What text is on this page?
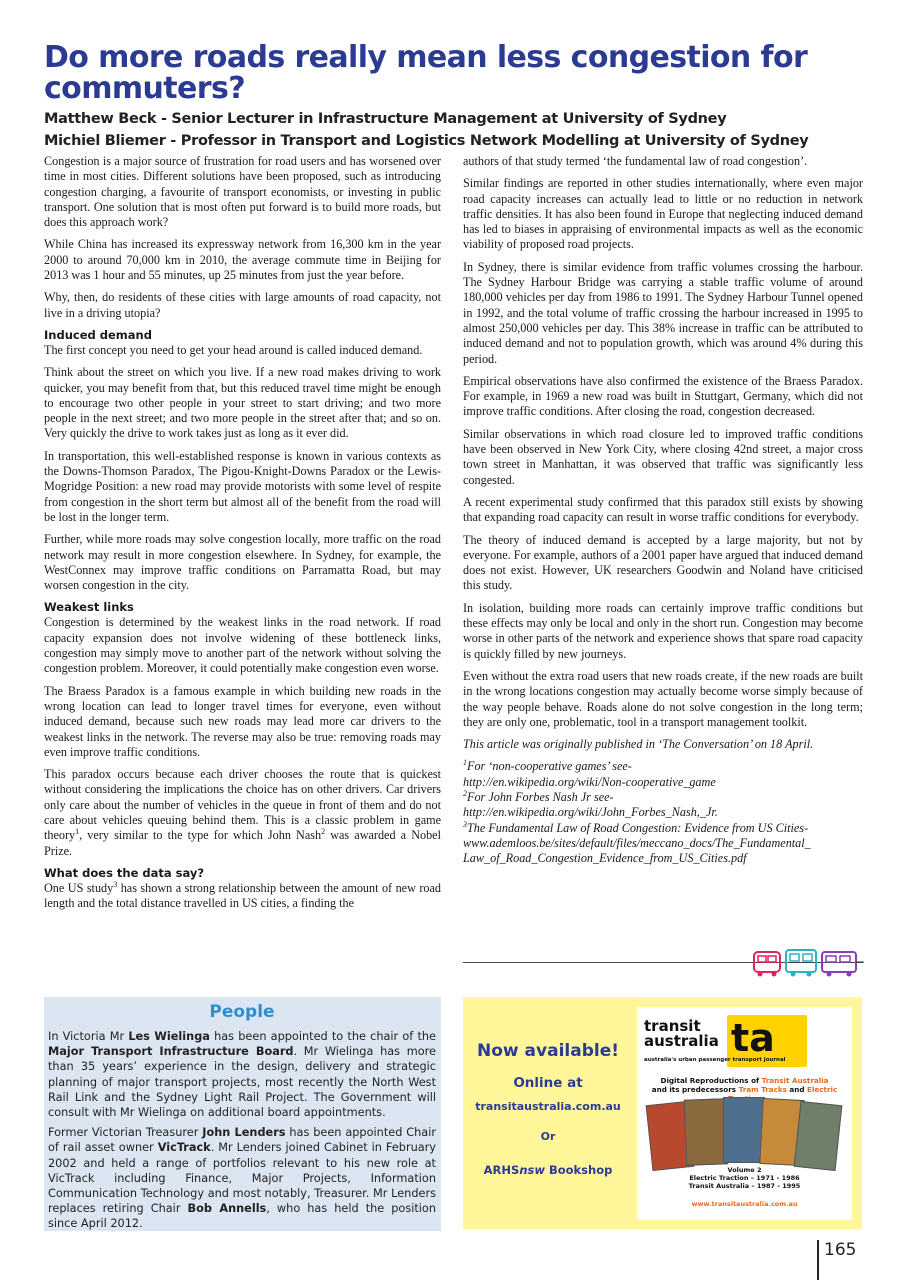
Do more roads really mean less congestion for commuters?

Matthew Beck - Senior Lecturer in Infrastructure Management at University of Sydney

Michiel Bliemer - Professor in Transport and Logistics Network Modelling at University of Sydney

Congestion is a major source of frustration for road users and has worsened over time in most cities. Different solutions have been proposed, such as introducing congestion charging, a favourite of transport economists, or investing in public transport. One solution that is most often put forward is to build more roads, but does this approach work?

While China has increased its expressway network from 16,300 km in the year 2000 to around 70,000 km in 2010, the average commute time in Beijing for 2013 was 1 hour and 55 minutes, up 25 minutes from just the year before.

Why, then, do residents of these cities with large amounts of road capacity, not live in a driving utopia?

Induced demand

The first concept you need to get your head around is called induced demand.

Think about the street on which you live. If a new road makes driving to work quicker, you may benefit from that, but this reduced travel time might be enough to encourage two other people in your street to start driving; and two more people in the next street; and two more people in the street after that; and so on. Very quickly the drive to work takes just as long as it ever did.

In transportation, this well-established response is known in various contexts as the Downs-Thomson Paradox, The Pigou-Knight-Downs Paradox or the Lewis-Mogridge Position: a new road may provide motorists with some level of respite from congestion in the short term but almost all of the benefit from the road will be lost in the longer term.

Further, while more roads may solve congestion locally, more traffic on the road network may result in more congestion elsewhere. In Sydney, for example, the WestConnex may improve traffic conditions on Parramatta Road, but may worsen congestion in the city.

Weakest links

Congestion is determined by the weakest links in the road network. If road capacity expansion does not involve widening of these bottleneck links, congestion may simply move to another part of the network without solving the congestion problem. Moreover, it could potentially make congestion even worse.

The Braess Paradox is a famous example in which building new roads in the wrong location can lead to longer travel times for everyone, even without induced demand, because such new roads may lead more car drivers to the weakest links in the network. The reverse may also be true: removing roads may even improve traffic conditions.

This paradox occurs because each driver chooses the route that is quickest without considering the implications the choice has on other drivers. Car drivers only care about the number of vehicles in the queue in front of them and do not care about vehicles queuing behind them. This is a classic problem in game theory$^1$, very similar to the type for which John Nash$^2$ was awarded a Nobel Prize.

What does the data say?

One US study$^3$ has shown a strong relationship between the amount of new road length and the total distance travelled in US cities, a finding the

authors of that study termed ‘the fundamental law of road congestion’.

Similar findings are reported in other studies internationally, where even major road capacity increases can actually lead to little or no reduction in network traffic densities. It has also been found in Europe that neglecting induced demand has led to biases in appraising of environmental impacts as well as the economic viability of proposed road projects.

In Sydney, there is similar evidence from traffic volumes crossing the harbour. The Sydney Harbour Bridge was carrying a stable traffic volume of around 180,000 vehicles per day from 1986 to 1991. The Sydney Harbour Tunnel opened in 1992, and the total volume of traffic crossing the harbour increased in 1995 to almost 250,000 vehicles per day. This 38% increase in traffic can be attributed to induced demand and not to population growth, which was around 4% during this period.

Empirical observations have also confirmed the existence of the Braess Paradox. For example, in 1969 a new road was built in Stuttgart, Germany, which did not improve traffic conditions. After closing the road, congestion decreased.

Similar observations in which road closure led to improved traffic conditions have been observed in New York City, where closing 42nd street, a major cross town street in Manhattan, it was observed that traffic was significantly less congested.

A recent experimental study confirmed that this paradox still exists by showing that expanding road capacity can result in worse traffic conditions for everybody.

The theory of induced demand is accepted by a large majority, but not by everyone. For example, authors of a 2001 paper have argued that induced demand does not exist. However, UK researchers Goodwin and Noland have criticised this study.

In isolation, building more roads can certainly improve traffic conditions but these effects may only be local and only in the short run. Congestion may become worse in other parts of the network and experience shows that spare road capacity is quickly filled by new journeys.

Even without the extra road users that new roads create, if the new roads are built in the wrong locations congestion may actually become worse simply because of the way people behave. Roads alone do not solve congestion in the long term; they are only one, problematic, tool in a transport management toolkit.

This article was originally published in ‘The Conversation’ on 18 April.

$^1$For ‘non-cooperative games’ see-

http://en.wikipedia.org/wiki/Non-cooperative_game

$^2$For John Forbes Nash Jr see-

http://en.wikipedia.org/wiki/John_Forbes_Nash,_Jr.

$^3$The Fundamental Law of Road Congestion: Evidence from US Cities-

www.ademloos.be/sites/default/files/meccano_docs/The_Fundamental_ Law_of_Road_Congestion_Evidence_from_US_Cities.pdf

People

In Victoria Mr Les Wielinga has been appointed to the chair of the Major Transport Infrastructure Board. Mr Wielinga has more than 35 years’ experience in the design, delivery and strategic planning of major transport projects, most recently the North West Rail Link and the Sydney Light Rail Project. The Government will consult with Mr Wielinga on additional board appointments.

Former Victorian Treasurer John Lenders has been appointed Chair of rail asset owner VicTrack. Mr Lenders joined Cabinet in February 2002 and held a range of portfolios relevant to his new role at VicTrack including Finance, Major Projects, Information Communication Technology and most notably, Treasurer. Mr Lenders replaces retiring Chair Bob Annells, who has held the position since April 2012.

Now available!
Online at
transitaustralia.com.au
Or
ARHSnsw Bookshop
transit
australia ta
australia's urban passenger transport journal
Digital Reproductions of Transit Australia
and its predecessors Tram Tracks and Electric
Volume 2
Electric Traction – 1971 - 1986
Transit Australia – 1987 - 1995
www.transitaustralia.com.au
165
